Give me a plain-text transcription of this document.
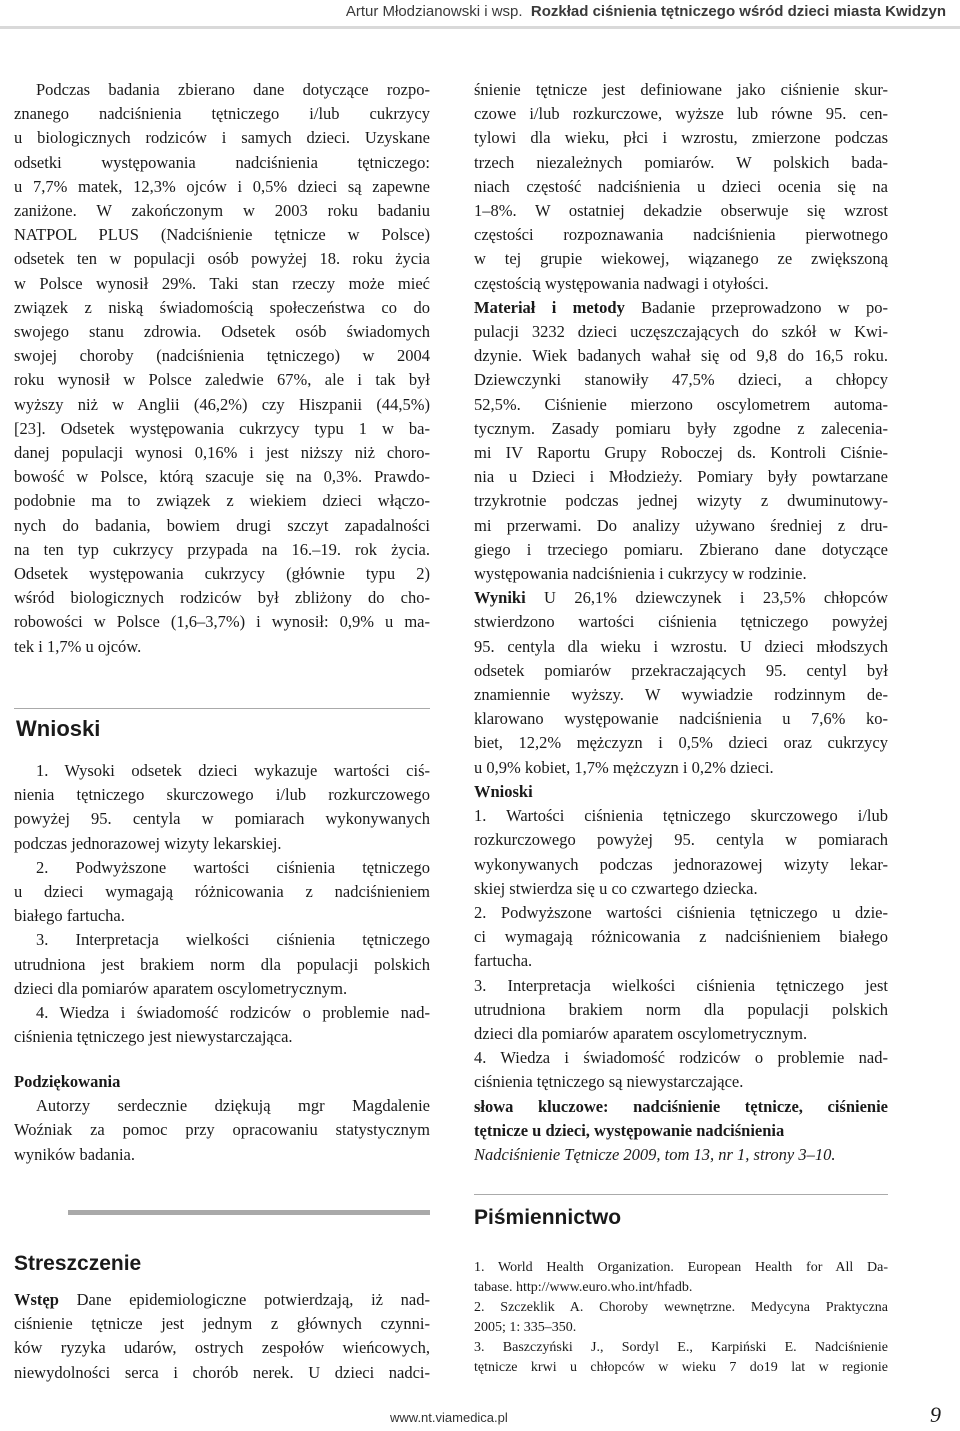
Artur Młodzianowski i wsp. Rozkład ciśnienia tętniczego wśród dzieci miasta Kwidzyn
Podczas badania zbierano dane dotyczące rozpo-
znanego nadciśnienia tętniczego i/lub cukrzycy
u biologicznych rodziców i samych dzieci. Uzyskane
odsetki występowania nadciśnienia tętniczego:
u 7,7% matek, 12,3% ojców i 0,5% dzieci są zapewne
zaniżone. W zakończonym w 2003 roku badaniu
NATPOL PLUS (Nadciśnienie tętnicze w Polsce)
odsetek ten w populacji osób powyżej 18. roku życia
w Polsce wynosił 29%. Taki stan rzeczy może mieć
związek z niską świadomością społeczeństwa co do
swojego stanu zdrowia. Odsetek osób świadomych
swojej choroby (nadciśnienia tętniczego) w 2004
roku wynosił w Polsce zaledwie 67%, ale i tak był
wyższy niż w Anglii (46,2%) czy Hiszpanii (44,5%)
[23]. Odsetek występowania cukrzycy typu 1 w ba-
danej populacji wynosi 0,16% i jest niższy niż choro-
bowość w Polsce, którą szacuje się na 0,3%. Prawdo-
podobnie ma to związek z wiekiem dzieci włączo-
nych do badania, bowiem drugi szczyt zapadalności
na ten typ cukrzycy przypada na 16.–19. rok życia.
Odsetek występowania cukrzycy (głównie typu 2)
wśród biologicznych rodziców był zbliżony do cho-
robowości w Polsce (1,6–3,7%) i wynosił: 0,9% u ma-
tek i 1,7% u ojców.
Wnioski
1. Wysoki odsetek dzieci wykazuje wartości ciś-
nienia tętniczego skurczowego i/lub rozkurczowego
powyżej 95. centyla w pomiarach wykonywanych
podczas jednorazowej wizyty lekarskiej.
2. Podwyższone wartości ciśnienia tętniczego
u dzieci wymagają różnicowania z nadciśnieniem
białego fartucha.
3. Interpretacja wielkości ciśnienia tętniczego
utrudniona jest brakiem norm dla populacji polskich
dzieci dla pomiarów aparatem oscylometrycznym.
4. Wiedza i świadomość rodziców o problemie nad-
ciśnienia tętniczego jest niewystarczająca.
Podziękowania
Autorzy serdecznie dziękują mgr Magdalenie
Woźniak za pomoc przy opracowaniu statystycznym
wyników badania.
Streszczenie
Wstęp Dane epidemiologiczne potwierdzają, iż nad-
ciśnienie tętnicze jest jednym z głównych czynni-
ków ryzyka udarów, ostrych zespołów wieńcowych,
niewydolności serca i chorób nerek. U dzieci nadci-
śnienie tętnicze jest definiowane jako ciśnienie skur-
czowe i/lub rozkurczowe, wyższe lub równe 95. cen-
tylowi dla wieku, płci i wzrostu, zmierzone podczas
trzech niezależnych pomiarów. W polskich bada-
niach częstość nadciśnienia u dzieci ocenia się na
1–8%. W ostatniej dekadzie obserwuje się wzrost
częstości rozpoznawania nadciśnienia pierwotnego
w tej grupie wiekowej, wiązanego ze zwiększoną
częstością występowania nadwagi i otyłości.
Materiał i metody Badanie przeprowadzono w po-
pulacji 3232 dzieci uczęszczających do szkół w Kwi-
dzynie. Wiek badanych wahał się od 9,8 do 16,5 roku.
Dziewczynki stanowiły 47,5% dzieci, a chłopcy
52,5%. Ciśnienie mierzono oscylometrem automa-
tycznym. Zasady pomiaru były zgodne z zalecenia-
mi IV Raportu Grupy Roboczej ds. Kontroli Ciśnie-
nia u Dzieci i Młodzieży. Pomiary były powtarzane
trzykrotnie podczas jednej wizyty z dwuminutowy-
mi przerwami. Do analizy używano średniej z dru-
giego i trzeciego pomiaru. Zbierano dane dotyczące
występowania nadciśnienia i cukrzycy w rodzinie.
Wyniki U 26,1% dziewczynek i 23,5% chłopców
stwierdzono wartości ciśnienia tętniczego powyżej
95. centyla dla wieku i wzrostu. U dzieci młodszych
odsetek pomiarów przekraczających 95. centyl był
znamiennie wyższy. W wywiadzie rodzinnym de-
klarowano występowanie nadciśnienia u 7,6% ko-
biet, 12,2% mężczyzn i 0,5% dzieci oraz cukrzycy
u 0,9% kobiet, 1,7% mężczyzn i 0,2% dzieci.
Wnioski
1. Wartości ciśnienia tętniczego skurczowego i/lub
rozkurczowego powyżej 95. centyla w pomiarach
wykonywanych podczas jednorazowej wizyty lekar-
skiej stwierdza się u co czwartego dziecka.
2. Podwyższone wartości ciśnienia tętniczego u dzie-
ci wymagają różnicowania z nadciśnieniem białego
fartucha.
3. Interpretacja wielkości ciśnienia tętniczego jest
utrudniona brakiem norm dla populacji polskich
dzieci dla pomiarów aparatem oscylometrycznym.
4. Wiedza i świadomość rodziców o problemie nad-
ciśnienia tętniczego są niewystarczające.
słowa kluczowe: nadciśnienie tętnicze, ciśnienie
tętnicze u dzieci, występowanie nadciśnienia
Nadciśnienie Tętnicze 2009, tom 13, nr 1, strony 3–10.
Piśmiennictwo
1. World Health Organization. European Health for All Da-
tabase. http://www.euro.who.int/hfadb.
2. Szczeklik A. Choroby wewnętrzne. Medycyna Praktyczna
2005; 1: 335–350.
3. Baszczyński J., Sordyl E., Karpiński E. Nadciśnienie
tętnicze krwi u chłopców w wieku 7 do19 lat w regionie
www.nt.viamedica.pl	9
